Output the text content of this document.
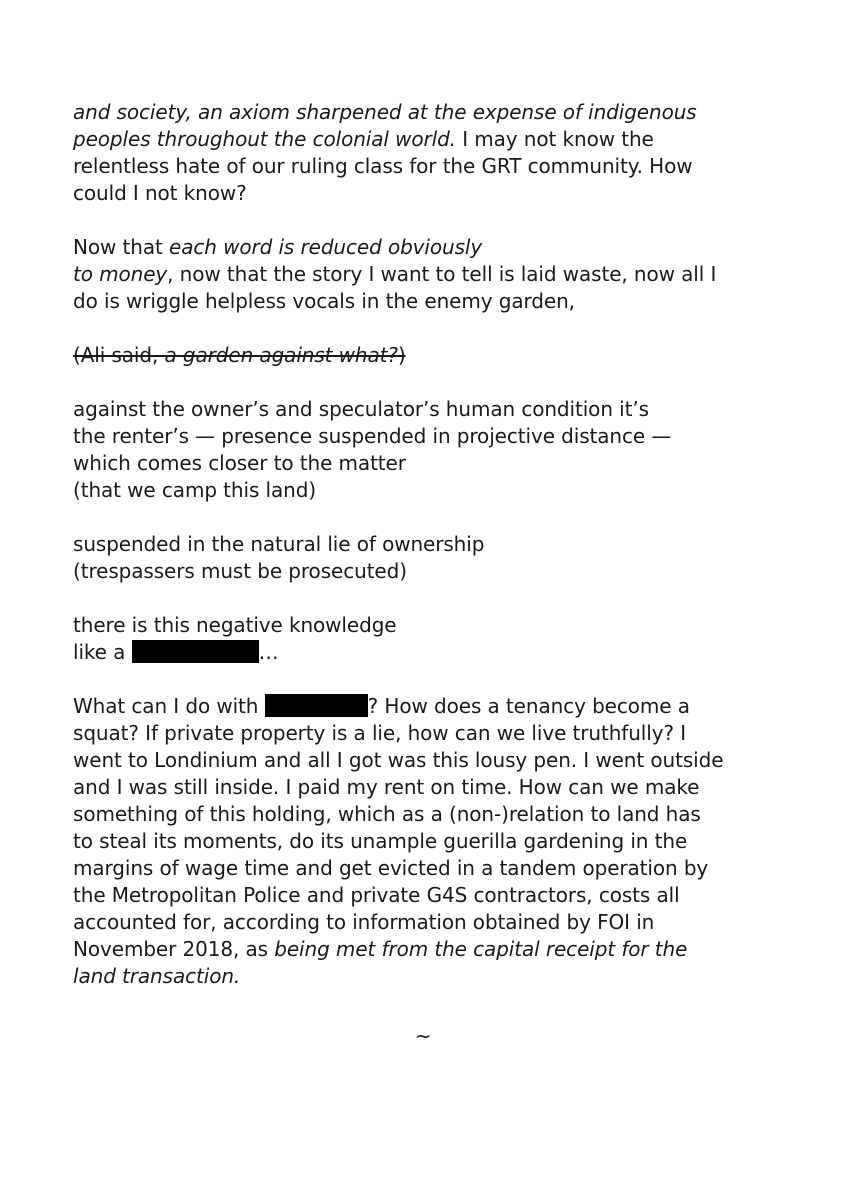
and society, an axiom sharpened at the expense of indigenous
peoples throughout the colonial world. I may not know the
relentless hate of our ruling class for the GRT community. How
could I not know?

Now that each word is reduced obviously
to money, now that the story I want to tell is laid waste, now all I
do is wriggle helpless vocals in the enemy garden,

(Ali said, a garden against what?)

against the owner’s and speculator’s human condition it’s
the renter’s — presence suspended in projective distance —
which comes closer to the matter
(that we camp this land)

suspended in the natural lie of ownership
(trespassers must be prosecuted)

there is this negative knowledge
like a	…

What can I do with	? How does a tenancy become a
squat? If private property is a lie, how can we live truthfully? I
went to Londinium and all I got was this lousy pen. I went outside
and I was still inside. I paid my rent on time. How can we make
something of this holding, which as a (non-)relation to land has
to steal its moments, do its unample guerilla gardening in the
margins of wage time and get evicted in a tandem operation by
the Metropolitan Police and private G4S contractors, costs all
accounted for, according to information obtained by FOI in
November 2018, as being met from the capital receipt for the
land transaction.

~
